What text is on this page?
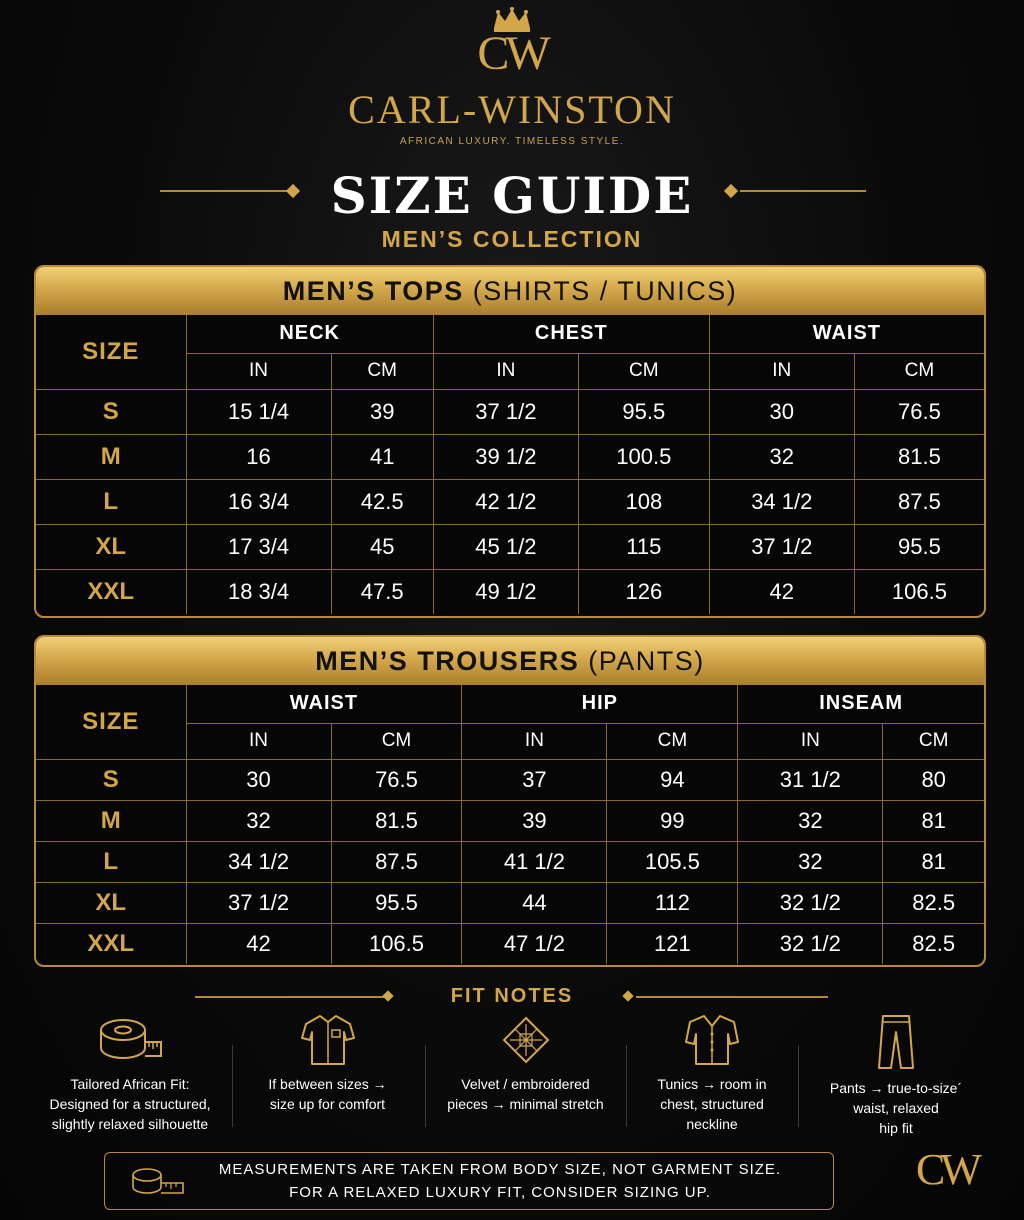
CW
CARL-WINSTON
AFRICAN LUXURY. TIMELESS STYLE.
SIZE GUIDE
MEN’S COLLECTION
MEN’S TOPS (SHIRTS / TUNICS)
SIZE	NECK		CHEST		WAIST	
	IN	CM	IN	CM	IN	CM
S	15 1/4	39	37 1/2	95.5	30	76.5
M	16	41	39 1/2	100.5	32	81.5
L	16 3/4	42.5	42 1/2	108	34 1/2	87.5
XL	17 3/4	45	45 1/2	115	37 1/2	95.5
XXL	18 3/4	47.5	49 1/2	126	42	106.5
MEN’S TROUSERS (PANTS)
SIZE	WAIST		HIP		INSEAM	
	IN	CM	IN	CM	IN	CM
S	30	76.5	37	94	31 1/2	80
M	32	81.5	39	99	32	81
L	34 1/2	87.5	41 1/2	105.5	32	81
XL	37 1/2	95.5	44	112	32 1/2	82.5
XXL	42	106.5	47 1/2	121	32 1/2	82.5
FIT NOTES

Tailored African Fit:
Designed for a structured,
slightly relaxed silhouette

If between sizes →
size up for comfort

Velvet / embroidered
pieces → minimal stretch

Tunics → room in
chest, structured
neckline

Pants → true-to-size´
waist, relaxed
hip fit

MEASUREMENTS ARE TAKEN FROM BODY SIZE, NOT GARMENT SIZE.

FOR A RELAXED LUXURY FIT, CONSIDER SIZING UP.	CW
